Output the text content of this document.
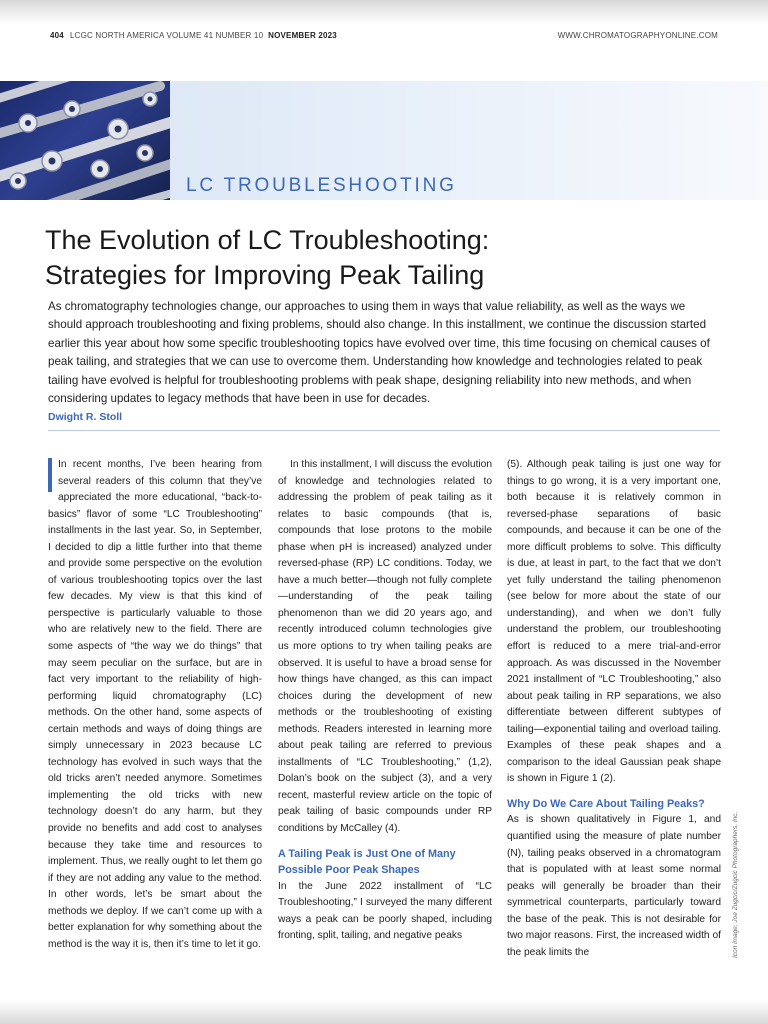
404 LCGC NORTH AMERICA VOLUME 41 NUMBER 10 NOVEMBER 2023	WWW.CHROMATOGRAPHYONLINE.COM
LC TROUBLESHOOTING
The Evolution of LC Troubleshooting:
Strategies for Improving Peak Tailing

As chromatography technologies change, our approaches to using them in ways that value reliability, as well as the ways we should approach troubleshooting and fixing problems, should also change. In this installment, we continue the discussion started earlier this year about how some specific troubleshooting topics have evolved over time, this time focusing on chemical causes of peak tailing, and strategies that we can use to overcome them. Understanding how knowledge and technologies related to peak tailing have evolved is helpful for troubleshooting problems with peak shape, designing reliability into new methods, and when considering updates to legacy methods that have been in use for decades.

Dwight R. Stoll

In recent months, I’ve been hearing from several readers of this column that they’ve appreciated the more educational, “back-to-basics” flavor of some “LC Troubleshooting” installments in the last year. So, in September, I decided to dip a little further into that theme and provide some perspective on the evolution of various troubleshooting topics over the last few decades. My view is that this kind of perspective is particularly valuable to those who are relatively new to the field. There are some aspects of “the way we do things” that may seem peculiar on the surface, but are in fact very important to the reliability of high-performing liquid chromatography (LC) methods. On the other hand, some aspects of certain methods and ways of doing things are simply unnecessary in 2023 because LC technology has evolved in such ways that the old tricks aren’t needed anymore. Sometimes implementing the old tricks with new technology doesn’t do any harm, but they provide no benefits and add cost to analyses because they take time and resources to implement. Thus, we really ought to let them go if they are not adding any value to the method. In other words, let’s be smart about the methods we deploy. If we can’t come up with a better explanation for why something about the method is the way it is, then it’s time to let it go.

In this installment, I will discuss the evolution of knowledge and technologies related to addressing the problem of peak tailing as it relates to basic compounds (that is, compounds that lose protons to the mobile phase when pH is increased) analyzed under reversed-phase (RP) LC conditions. Today, we have a much better—though not fully complete—understanding of the peak tailing phenomenon than we did 20 years ago, and recently introduced column technologies give us more options to try when tailing peaks are observed. It is useful to have a broad sense for how things have changed, as this can impact choices during the development of new methods or the troubleshooting of existing methods. Readers interested in learning more about peak tailing are referred to previous installments of “LC Troubleshooting,” (1,2), Dolan’s book on the subject (3), and a very recent, masterful review article on the topic of peak tailing of basic compounds under RP conditions by McCalley (4).

A Tailing Peak is Just One of Many Possible Poor Peak Shapes

In the June 2022 installment of “LC Troubleshooting,” I surveyed the many different ways a peak can be poorly shaped, including fronting, split, tailing, and negative peaks

(5). Although peak tailing is just one way for things to go wrong, it is a very important one, both because it is relatively common in reversed-phase separations of basic compounds, and because it can be one of the more difficult problems to solve. This difficulty is due, at least in part, to the fact that we don’t yet fully understand the tailing phenomenon (see below for more about the state of our understanding), and when we don’t fully understand the problem, our troubleshooting effort is reduced to a mere trial-and-error approach. As was discussed in the November 2021 installment of “LC Troubleshooting,” also about peak tailing in RP separations, we also differentiate between different subtypes of tailing—exponential tailing and overload tailing. Examples of these peak shapes and a comparison to the ideal Gaussian peak shape is shown in Figure 1 (2).

Why Do We Care About Tailing Peaks?

As is shown qualitatively in Figure 1, and quantified using the measure of plate number (N), tailing peaks observed in a chromatogram that is populated with at least some normal peaks will generally be broader than their symmetrical counterparts, particularly toward the base of the peak. This is not desirable for two major reasons. First, the increased width of the peak limits the	Icon image: Joe Zugcic/Zugcic Photographers, Inc.
